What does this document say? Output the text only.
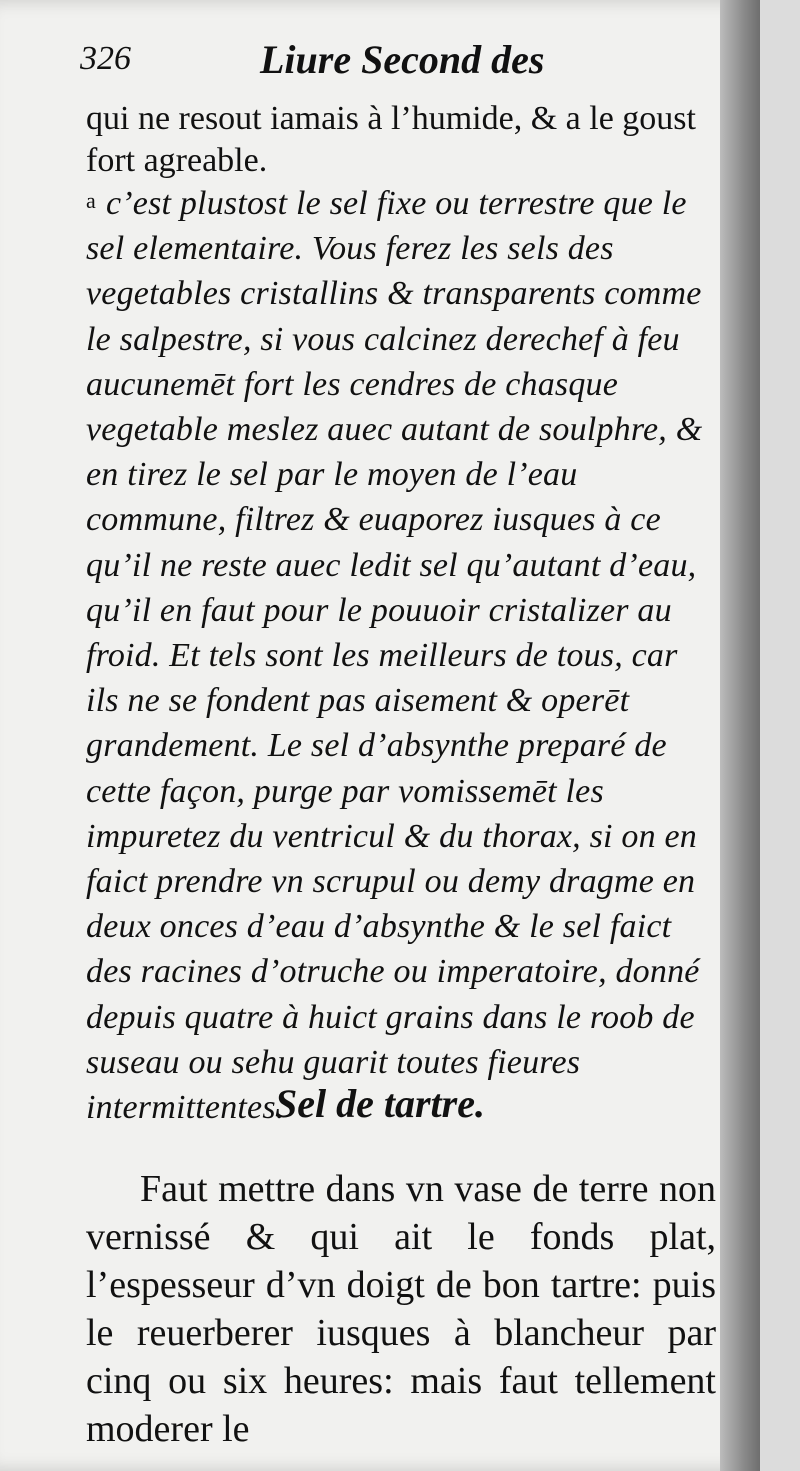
326	Liure Second des

qui ne resout iamais à l’humide, & a le goust fort agreable.

a c’est plustost le sel fixe ou terrestre que le sel elementaire. Vous ferez les sels des vegetables cristallins & transparents comme le salpestre, si vous calcinez derechef à feu aucunemēt fort les cendres de chasque vegetable meslez auec autant de soulphre, & en tirez le sel par le moyen de l’eau commune, filtrez & euaporez iusques à ce qu’il ne reste auec ledit sel qu’autant d’eau, qu’il en faut pour le pouuoir cristalizer au froid. Et tels sont les meilleurs de tous, car ils ne se fondent pas aisement & operēt grandement. Le sel d’absynthe preparé de cette façon, purge par vomissemēt les impuretez du ventricul & du thorax, si on en faict prendre vn scrupul ou demy dragme en deux onces d’eau d’absynthe & le sel faict des racines d’otruche ou imperatoire, donné depuis quatre à huict grains dans le roob de suseau ou sehu guarit toutes fieures intermittentes.

Sel de tartre.

Faut mettre dans vn vase de terre non vernissé & qui ait le fonds plat, l’espesseur d’vn doigt de bon tartre: puis le reuerberer iusques à blancheur par cinq ou six heures: mais faut tellement moderer le
